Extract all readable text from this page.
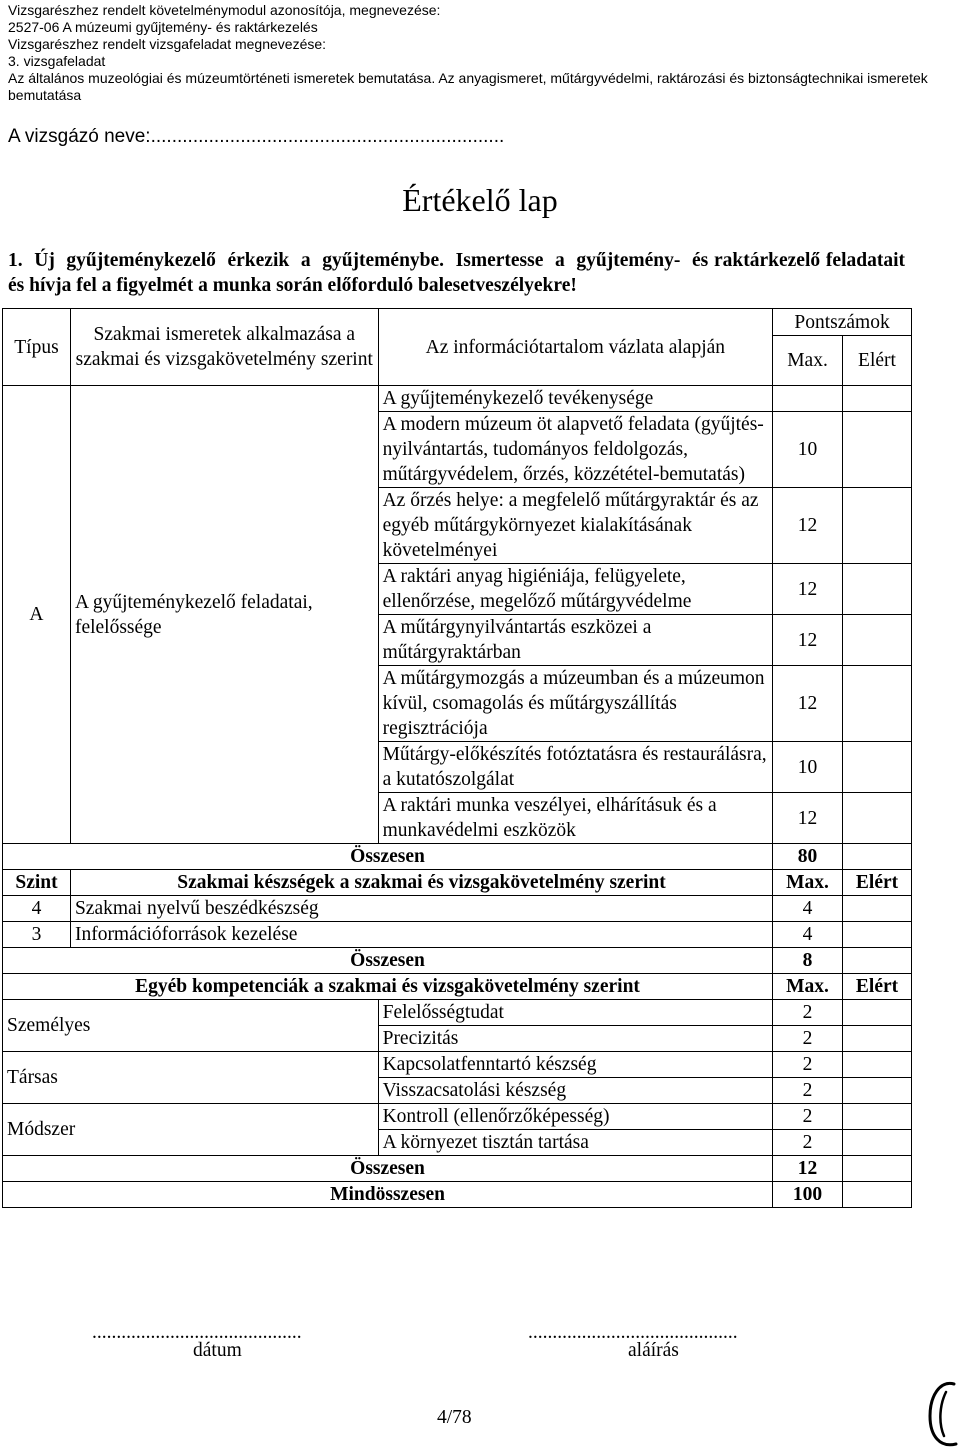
Vizsgarészhez rendelt követelménymodul azonosítója, megnevezése:
2527-06 A múzeumi gyűjtemény- és raktárkezelés
Vizsgarészhez rendelt vizsgafeladat megnevezése:
3. vizsgafeladat
Az általános muzeológiai és múzeumtörténeti ismeretek bemutatása. Az anyagismeret, műtárgyvédelmi, raktározási és biztonságtechnikai ismeretek bemutatása
A vizsgázó neve:...................................................................
Értékelő lap
1.  Új  gyűjteménykezelő  érkezik  a  gyűjteménybe.  Ismertesse  a  gyűjtemény-  és raktárkezelő feladatait és hívja fel a figyelmét a munka során előforduló balesetveszélyekre!
Típus	Szakmai ismeretek alkalmazása a szakmai és vizsgakövetelmény szerint	Az információtartalom vázlata alapján	Pontszámok	
			Max.	Elért
A	A gyűjteménykezelő feladatai, felelőssége	A gyűjteménykezelő tevékenysége		
		A modern múzeum öt alapvető feladata (gyűjtés-nyilvántartás, tudományos feldolgozás, műtárgyvédelem, őrzés, közzététel-bemutatás)	10	
		Az őrzés helye: a megfelelő műtárgyraktár és az egyéb műtárgykörnyezet kialakításának követelményei	12	
		A raktári anyag higiéniája, felügyelete, ellenőrzése, megelőző műtárgyvédelme	12	
		A műtárgynyilvántartás eszközei a műtárgyraktárban	12	
		A műtárgymozgás a múzeumban és a múzeumon kívül, csomagolás és műtárgyszállítás regisztrációja	12	
		Műtárgy-előkészítés fotóztatásra és restaurálásra, a kutatószolgálat	10	
		A raktári munka veszélyei, elhárításuk és a munkavédelmi eszközök	12	
Összesen			80	
Szint	Szakmai készségek a szakmai és vizsgakövetelmény szerint		Max.	Elért
4	Szakmai nyelvű beszédkészség		4	
3	Információforrások kezelése		4	
Összesen			8	
Egyéb kompetenciák a szakmai és vizsgakövetelmény szerint			Max.	Elért
Személyes		Felelősségtudat	2	
		Precizitás	2	
Társas		Kapcsolatfenntartó készség	2	
		Visszacsatolási készség	2	
Módszer		Kontroll (ellenőrzőképesség)	2	
		A környezet tisztán tartása	2	
Összesen			12	
Mindösszesen			100	
...........................................
dátum
...........................................
aláírás
4/78
